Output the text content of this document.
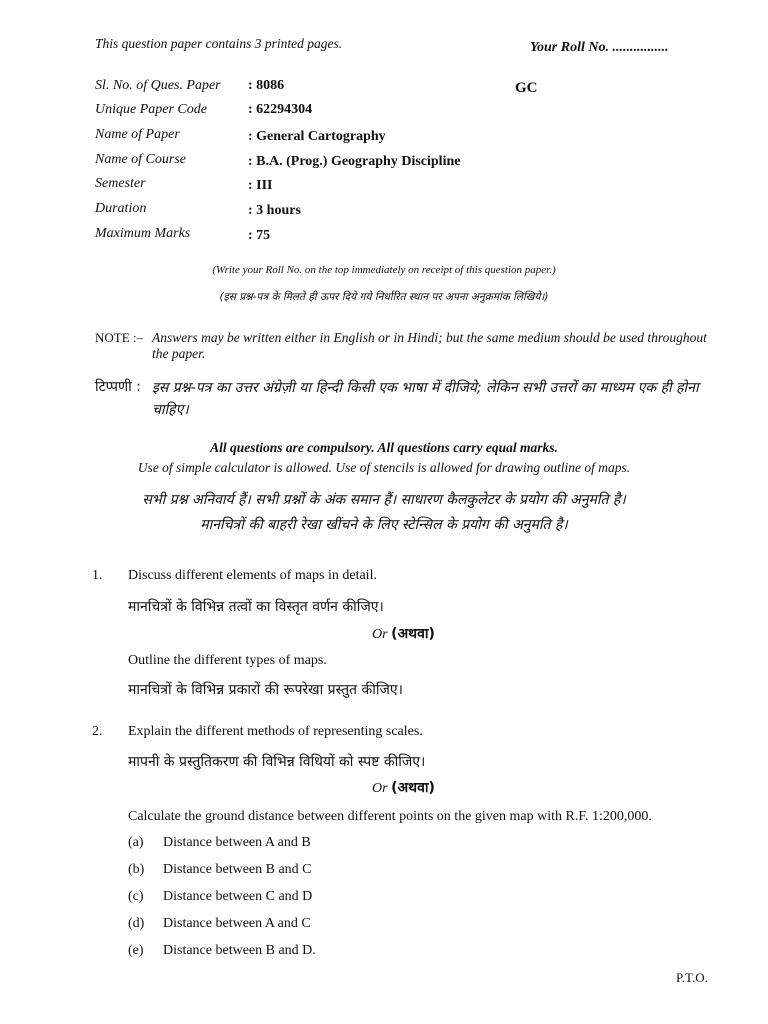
This question paper contains 3 printed pages.	Your Roll No. ................
GC
Sl. No. of Ques. Paper : 8086
Unique Paper Code	: 62294304
Name of Paper	: General Cartography
Name of Course	: B.A. (Prog.) Geography Discipline
Semester	: III
Duration	: 3 hours
Maximum Marks	: 75
(Write your Roll No. on the top immediately on receipt of this question paper.)
(इस प्रश्न-पत्र के मिलते ही ऊपर दिये गये निर्धारित स्थान पर अपना अनुक्रमांक लिखिये।)
NOTE :– Answers may be written either in English or in Hindi; but the same medium should be used throughout the paper.
टिप्पणी : इस प्रश्न-पत्र का उत्तर अंग्रेज़ी या हिन्दी किसी एक भाषा में दीजिये; लेकिन सभी उत्तरों का माध्यम एक ही होना चाहिए।
All questions are compulsory. All questions carry equal marks.
Use of simple calculator is allowed. Use of stencils is allowed for drawing outline of maps.
सभी प्रश्न अनिवार्य हैं। सभी प्रश्नों के अंक समान हैं। साधारण कैलकुलेटर के प्रयोग की अनुमति है।
मानचित्रों की बाहरी रेखा खींचने के लिए स्टेन्सिल के प्रयोग की अनुमति है।
1. Discuss different elements of maps in detail.
मानचित्रों के विभिन्न तत्वों का विस्तृत वर्णन कीजिए।
Or (अथवा)
Outline the different types of maps.
मानचित्रों के विभिन्न प्रकारों की रूपरेखा प्रस्तुत कीजिए।
2. Explain the different methods of representing scales.
मापनी के प्रस्तुतिकरण की विभिन्न विधियों को स्पष्ट कीजिए।
Or (अथवा)
Calculate the ground distance between different points on the given map with R.F. 1:200,000.
(a) Distance between A and B
(b) Distance between B and C
(c) Distance between C and D
(d) Distance between A and C
(e) Distance between B and D.
P.T.O.
